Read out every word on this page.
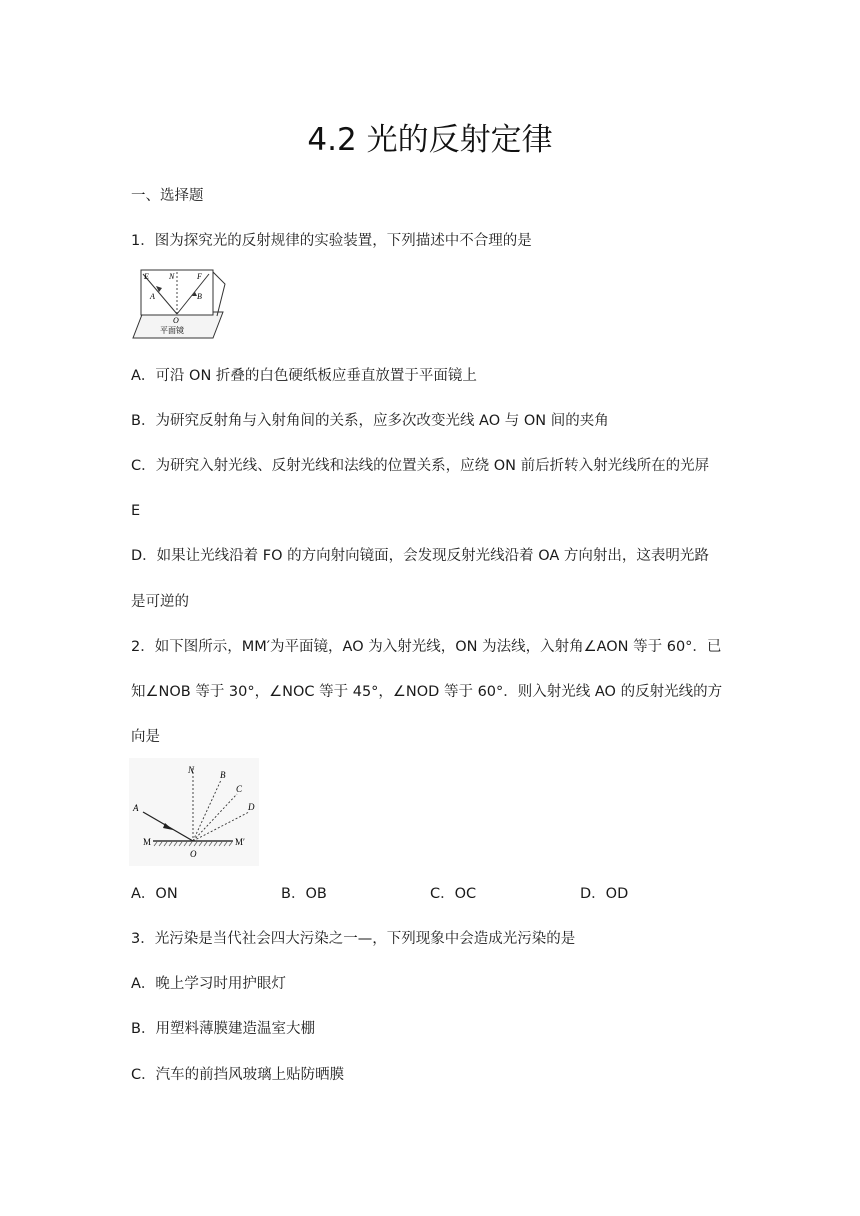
4.2 光的反射定律
一、选择题
1．图为探究光的反射规律的实验装置，下列描述中不合理的是
E	N	F
A	B
O
平面镜
A．可沿 ON 折叠的白色硬纸板应垂直放置于平面镜上
B．为研究反射角与入射角间的关系，应多次改变光线 AO 与 ON 间的夹角
C．为研究入射光线、反射光线和法线的位置关系，应绕 ON 前后折转入射光线所在的光屏
E
D．如果让光线沿着 FO 的方向射向镜面，会发现反射光线沿着 OA 方向射出，这表明光路
是可逆的
2．如下图所示，MM′为平面镜，AO 为入射光线，ON 为法线，入射角∠AON 等于 60°．已
知∠NOB 等于 30°，∠NOC 等于 45°，∠NOD 等于 60°．则入射光线 AO 的反射光线的方
向是
N	B
C
D
A
M	M′
O
A．ON	B．OB	C．OC	D．OD
3．光污染是当代社会四大污染之一—，下列现象中会造成光污染的是
A．晚上学习时用护眼灯
B．用塑料薄膜建造温室大棚
C．汽车的前挡风玻璃上贴防晒膜
